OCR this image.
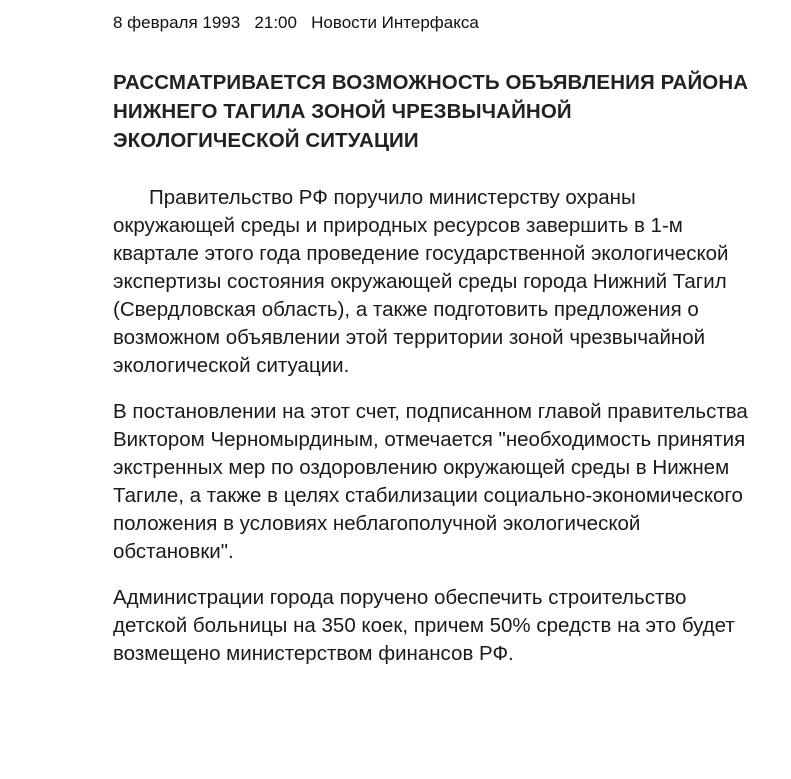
8 февраля 1993 21:00 Новости Интерфакса
РАССМАТРИВАЕТСЯ ВОЗМОЖНОСТЬ ОБЪЯВЛЕНИЯ РАЙОНА НИЖНЕГО ТАГИЛА ЗОНОЙ ЧРЕЗВЫЧАЙНОЙ ЭКОЛОГИЧЕСКОЙ СИТУАЦИИ

Правительство РФ поручило министерству охраны окружающей среды и природных ресурсов завершить в 1-м квартале этого года проведение государственной экологической экспертизы состояния окружающей среды города Нижний Тагил (Свердловская область), а также подготовить предложения о возможном объявлении этой территории зоной чрезвычайной экологической ситуации.

В постановлении на этот счет, подписанном главой правительства Виктором Черномырдиным, отмечается "необходимость принятия экстренных мер по оздоровлению окружающей среды в Нижнем Тагиле, а также в целях стабилизации социально-экономического положения в условиях неблагополучной экологической обстановки".

Администрации города поручено обеспечить строительство детской больницы на 350 коек, причем 50% средств на это будет возмещено министерством финансов РФ.
